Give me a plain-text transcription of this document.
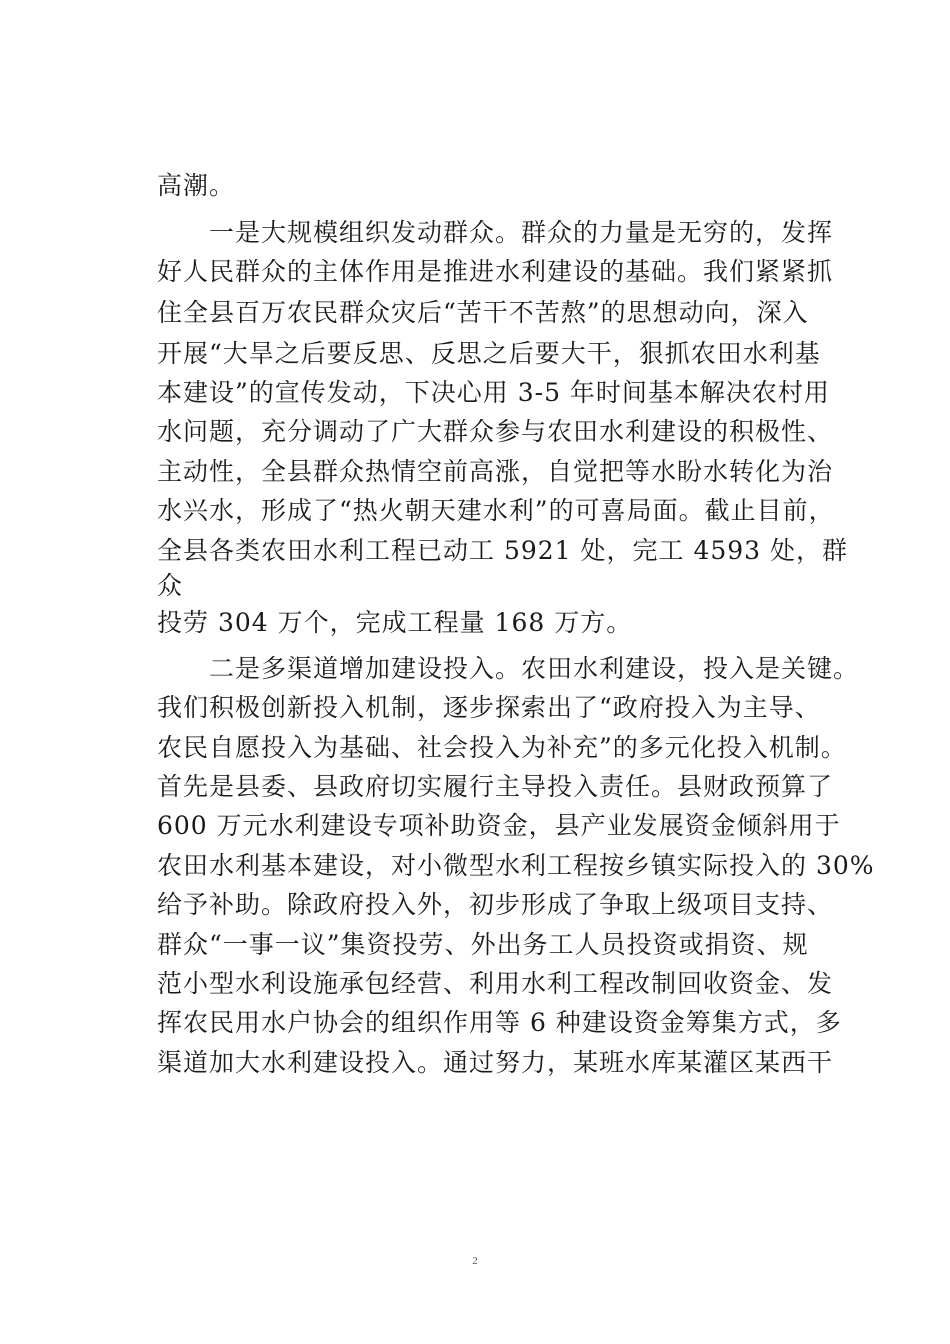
高潮。
　　一是大规模组织发动群众。群众的力量是无穷的，发挥
好人民群众的主体作用是推进水利建设的基础。我们紧紧抓
住全县百万农民群众灾后“苦干不苦熬”的思想动向，深入
开展“大旱之后要反思、反思之后要大干，狠抓农田水利基
本建设”的宣传发动，下决心用 3-5 年时间基本解决农村用
水问题，充分调动了广大群众参与农田水利建设的积极性、
主动性，全县群众热情空前高涨，自觉把等水盼水转化为治
水兴水，形成了“热火朝天建水利”的可喜局面。截止目前，
全县各类农田水利工程已动工 5921 处，完工 4593 处，群
众
投劳 304 万个，完成工程量 168 万方。
　　二是多渠道增加建设投入。农田水利建设，投入是关键。
我们积极创新投入机制，逐步探索出了“政府投入为主导、
农民自愿投入为基础、社会投入为补充”的多元化投入机制。
首先是县委、县政府切实履行主导投入责任。县财政预算了
600 万元水利建设专项补助资金，县产业发展资金倾斜用于
农田水利基本建设，对小微型水利工程按乡镇实际投入的 30%
给予补助。除政府投入外，初步形成了争取上级项目支持、
群众“一事一议”集资投劳、外出务工人员投资或捐资、规
范小型水利设施承包经营、利用水利工程改制回收资金、发
挥农民用水户协会的组织作用等 6 种建设资金筹集方式，多
渠道加大水利建设投入。通过努力，某班水库某灌区某西干
2
